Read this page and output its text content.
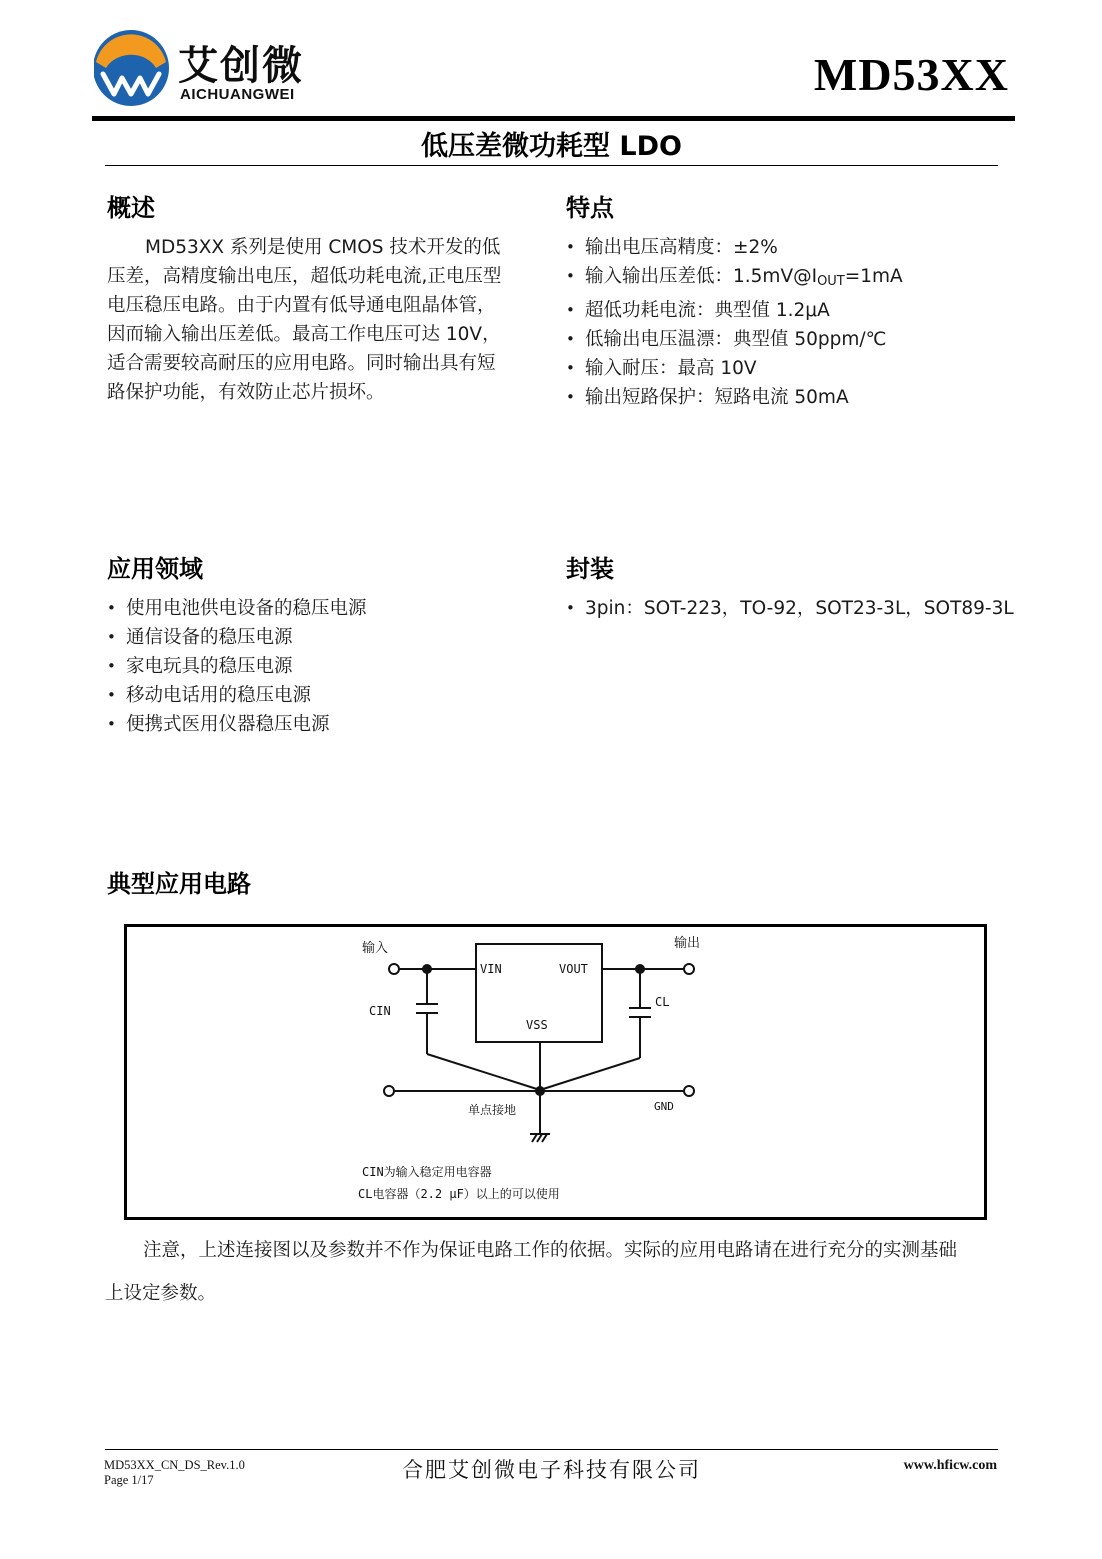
艾创微
AICHUANGWEI	MD53XX
低压差微功耗型 LDO
概述

MD53XX 系列是使用 CMOS 技术开发的低

压差，高精度输出电压，超低功耗电流,正电压型

电压稳压电路。由于内置有低导通电阻晶体管，

因而输入输出压差低。最高工作电压可达 10V，

适合需要较高耐压的应用电路。同时输出具有短

路保护功能，有效防止芯片损坏。

特点
• 输出电压高精度：±2%
• 输入输出压差低：$1.5mV@I_{OUT}=1mA$
• 超低功耗电流：典型值 1.2μA
• 低输出电压温漂：典型值 50ppm/℃
• 输入耐压：最高 10V
• 输出短路保护：短路电流 50mA
应用领域
• 使用电池供电设备的稳压电源
• 通信设备的稳压电源
• 家电玩具的稳压电源
• 移动电话用的稳压电源
• 便携式医用仪器稳压电源
封装
• 3pin：SOT-223，TO-92，SOT23-3L，SOT89-3L
典型应用电路
输入	输出
VIN	VOUT
VSS
CIN
CL
GND
单点接地
CIN为输入稳定用电容器
CL电容器（2.2 μF）以上的可以使用
注意，上述连接图以及参数并不作为保证电路工作的依据。实际的应用电路请在进行充分的实测基础
上设定参数。
MD53XX_CN_DS_Rev.1.0
Page 1/17	合肥艾创微电子科技有限公司	www.hficw.com
